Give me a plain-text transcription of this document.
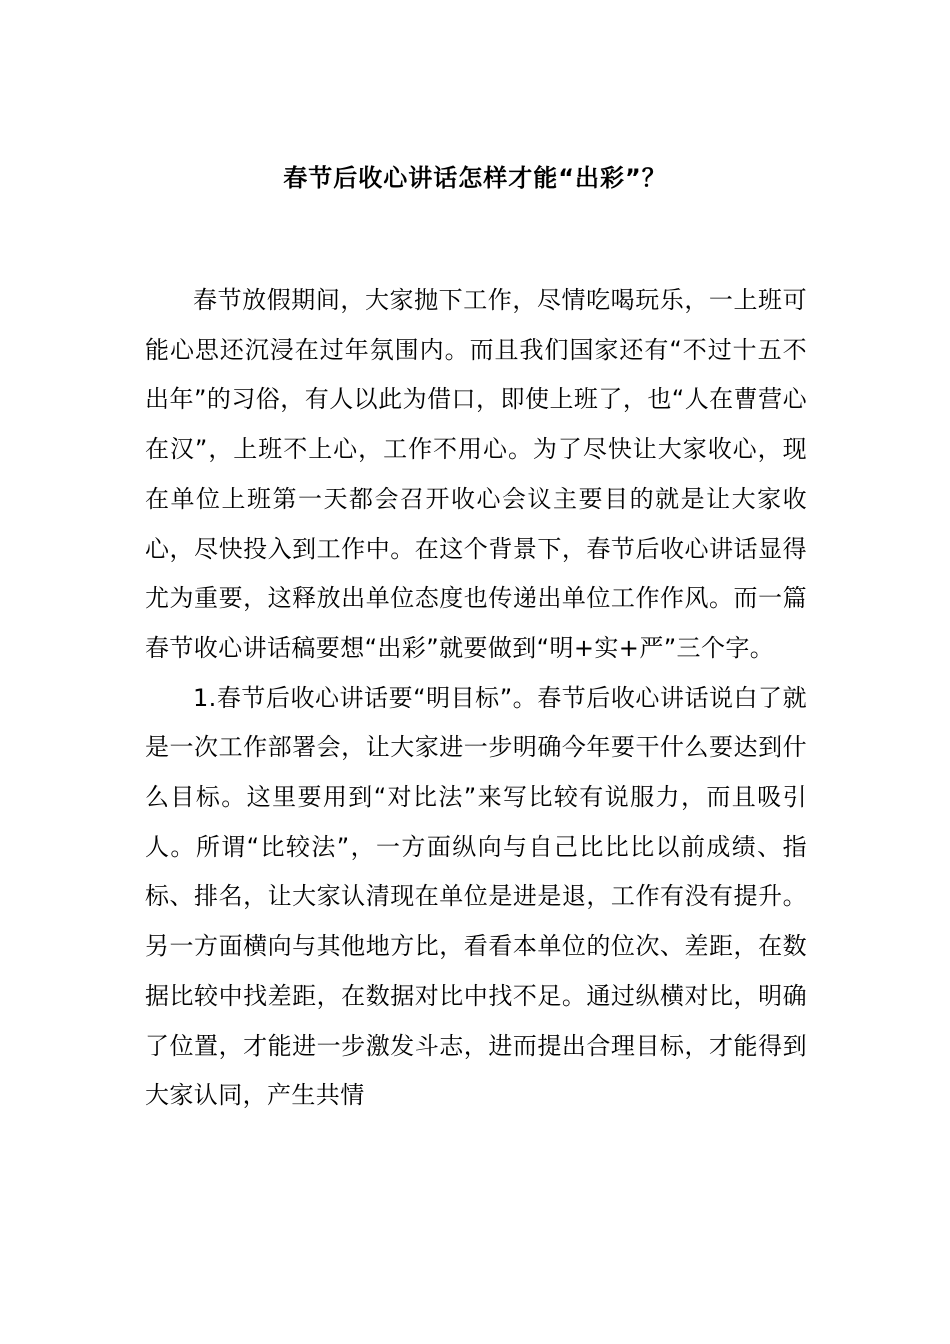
春节后收心讲话怎样才能“出彩”？

春节放假期间，大家抛下工作，尽情吃喝玩乐，一上班可能心思还沉浸在过年氛围内。而且我们国家还有“不过十五不出年”的习俗，有人以此为借口，即使上班了，也“人在曹营心在汉”，上班不上心，工作不用心。为了尽快让大家收心，现在单位上班第一天都会召开收心会议主要目的就是让大家收心，尽快投入到工作中。在这个背景下，春节后收心讲话显得尤为重要，这释放出单位态度也传递出单位工作作风。而一篇春节收心讲话稿要想“出彩”就要做到“明+实+严”三个字。

1.春节后收心讲话要“明目标”。春节后收心讲话说白了就是一次工作部署会，让大家进一步明确今年要干什么要达到什么目标。这里要用到“对比法”来写比较有说服力，而且吸引人。所谓“比较法”，一方面纵向与自己比比比以前成绩、指标、排名，让大家认清现在单位是进是退，工作有没有提升。另一方面横向与其他地方比，看看本单位的位次、差距，在数据比较中找差距，在数据对比中找不足。通过纵横对比，明确了位置，才能进一步激发斗志，进而提出合理目标，才能得到大家认同，产生共情
